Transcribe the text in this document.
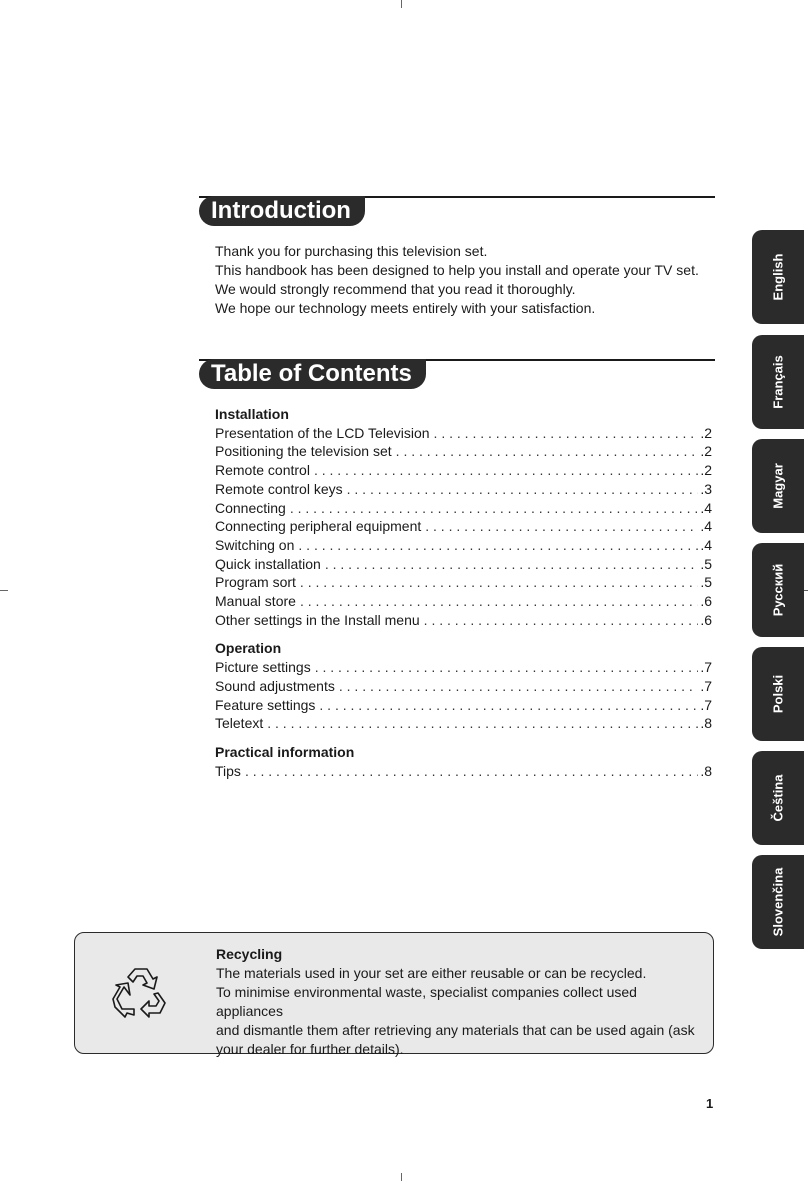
Introduction

Thank you for purchasing this television set.

This handbook has been designed to help you install and operate your TV set.

We would strongly recommend that you read it thoroughly.

We hope our technology meets entirely with your satisfaction.

Table of Contents
Installation
Presentation of the LCD Television . . .	.2
Positioning the television set . . .	.2
Remote control . . .	.2
Remote control keys . . .	.3
Connecting . . .	.4
Connecting peripheral equipment . . .	.4
Switching on . . .	.4
Quick installation . . .	.5
Program sort . . .	.5
Manual store . . .	.6
Other settings in the Install menu . . .	.6
Operation
Picture settings . . .	.7
Sound adjustments . . .	.7
Feature settings . . .	.7
Teletext . . .	.8
Practical information
Tips . . .	.8
English
Français
Magyar
Русский
Polski
Čeština
Slovenčina
Recycling

The materials used in your set are either reusable or can be recycled.

To minimise environmental waste, specialist companies collect used appliances

and dismantle them after retrieving any materials that can be used again (ask

your dealer for further details).

1
